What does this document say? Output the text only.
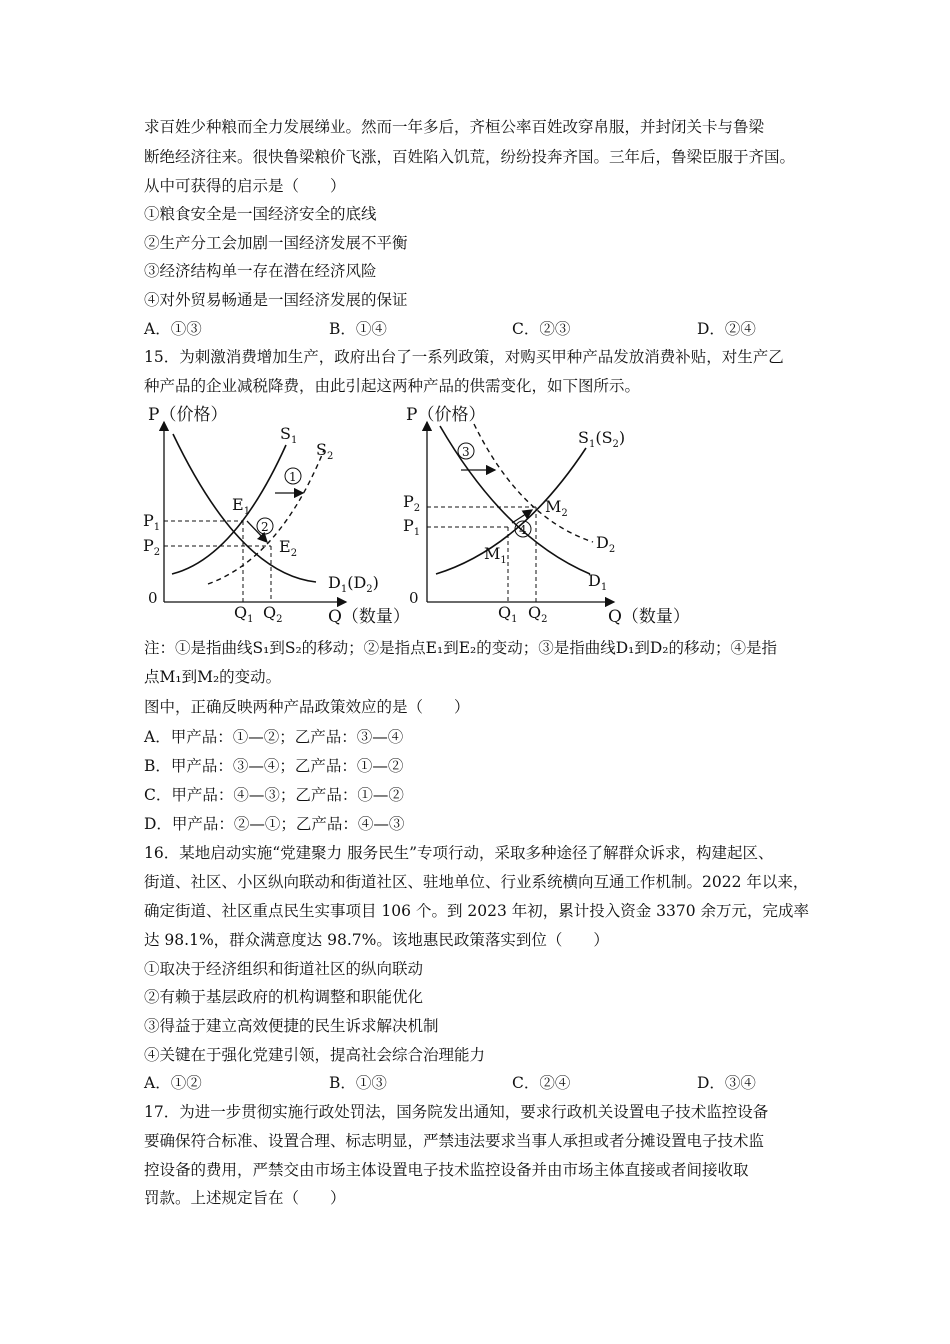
求百姓少种粮而全力发展绨业。然而一年多后，齐桓公率百姓改穿帛服，并封闭关卡与鲁梁
断绝经济往来。很快鲁梁粮价飞涨，百姓陷入饥荒，纷纷投奔齐国。三年后，鲁梁臣服于齐国。
从中可获得的启示是（　　）
①粮食安全是一国经济安全的底线
②生产分工会加剧一国经济发展不平衡
③经济结构单一存在潜在经济风险
④对外贸易畅通是一国经济发展的保证
A．①③	B．①④	C．②③	D．②④
15．为刺激消费增加生产，政府出台了一系列政策，对购买甲种产品发放消费补贴，对生产乙
种产品的企业减税降费，由此引起这两种产品的供需变化，如下图所示。
P（价格）
Q（数量）
0
1
2
$S_1$ $S_2$
$E_1$
$E_2$
$D_1(D_2)$
$P_1$
$P_2$
$Q_1$ $Q_2$
P（价格）
Q（数量）
0
3
4
$S_1(S_2)$
$M_2$
$M_1$
$D_2$
$D_1$
$P_2$
$P_1$
$Q_1$ $Q_2$
注：①是指曲线S₁到S₂的移动；②是指点E₁到E₂的变动；③是指曲线D₁到D₂的移动；④是指
点M₁到M₂的变动。
图中，正确反映两种产品政策效应的是（　　）
A．甲产品：①—②；乙产品：③—④
B．甲产品：③—④；乙产品：①—②
C．甲产品：④—③；乙产品：①—②
D．甲产品：②—①；乙产品：④—③
16．某地启动实施“党建聚力 服务民生”专项行动，采取多种途径了解群众诉求，构建起区、
街道、社区、小区纵向联动和街道社区、驻地单位、行业系统横向互通工作机制。2022 年以来，
确定街道、社区重点民生实事项目 106 个。到 2023 年初，累计投入资金 3370 余万元，完成率
达 98.1%，群众满意度达 98.7%。该地惠民政策落实到位（　　）
①取决于经济组织和街道社区的纵向联动
②有赖于基层政府的机构调整和职能优化
③得益于建立高效便捷的民生诉求解决机制
④关键在于强化党建引领，提高社会综合治理能力
A．①②	B．①③	C．②④	D．③④
17．为进一步贯彻实施行政处罚法，国务院发出通知，要求行政机关设置电子技术监控设备
要确保符合标准、设置合理、标志明显，严禁违法要求当事人承担或者分摊设置电子技术监
控设备的费用，严禁交由市场主体设置电子技术监控设备并由市场主体直接或者间接收取
罚款。上述规定旨在（　　）
